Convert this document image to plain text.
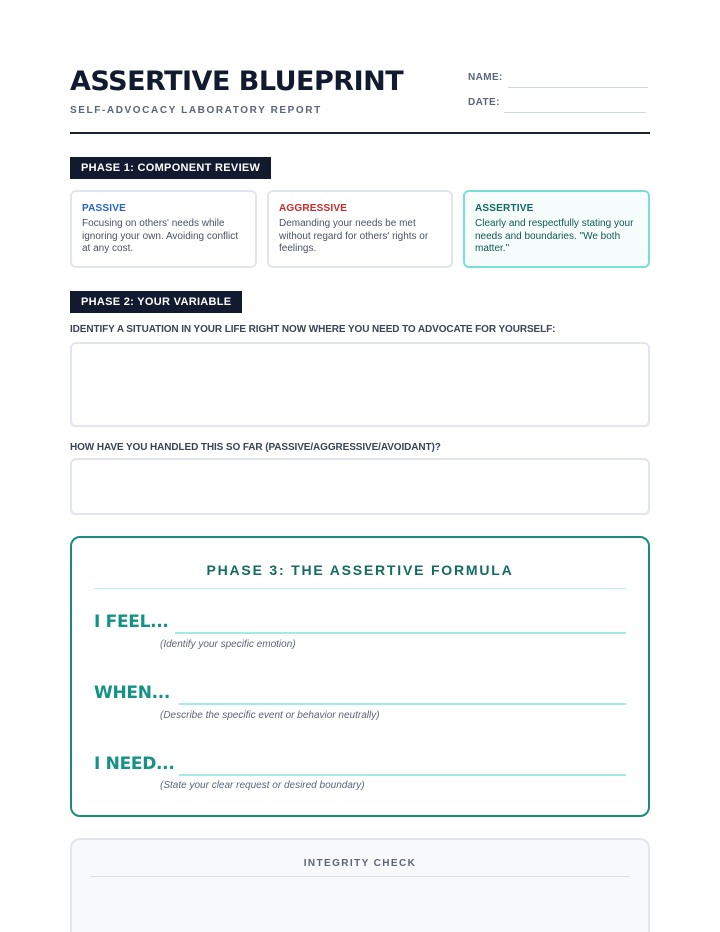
ASSERTIVE BLUEPRINT
SELF-ADVOCACY LABORATORY REPORT
NAME:
DATE:
PHASE 1: COMPONENT REVIEW
PASSIVE
Focusing on others' needs while ignoring your own. Avoiding conflict at any cost.
AGGRESSIVE
Demanding your needs be met without regard for others' rights or feelings.
ASSERTIVE
Clearly and respectfully stating your needs and boundaries. "We both matter."
PHASE 2: YOUR VARIABLE
IDENTIFY A SITUATION IN YOUR LIFE RIGHT NOW WHERE YOU NEED TO ADVOCATE FOR YOURSELF:
HOW HAVE YOU HANDLED THIS SO FAR (PASSIVE/AGGRESSIVE/AVOIDANT)?
PHASE 3: THE ASSERTIVE FORMULA
I FEEL...
(Identify your specific emotion)
WHEN...
(Describe the specific event or behavior neutrally)
I NEED...
(State your clear request or desired boundary)
INTEGRITY CHECK
